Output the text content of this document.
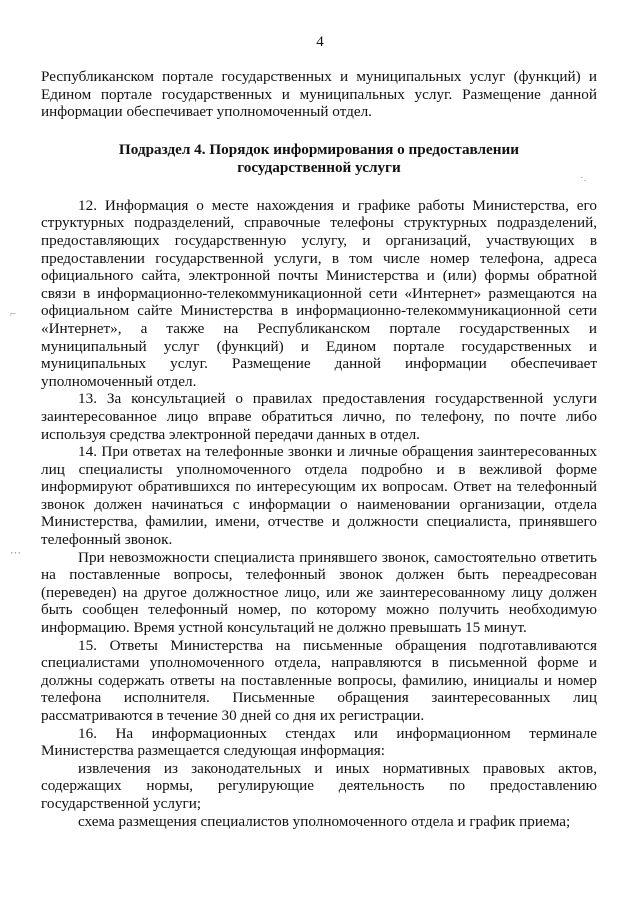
4

Республиканском портале государственных и муниципальных услуг (функций) и Едином портале государственных и муниципальных услуг. Размещение данной информации обеспечивает уполномоченный отдел.

Подраздел 4. Порядок информирования о предоставлении государственной услуги

12. Информация о месте нахождения и графике работы Министерства, его структурных подразделений, справочные телефоны структурных подразделений, предоставляющих государственную услугу, и организаций, участвующих в предоставлении государственной услуги, в том числе номер телефона, адреса официального сайта, электронной почты Министерства и (или) формы обратной связи в информационно-телекоммуникационной сети «Интернет» размещаются на официальном сайте Министерства в информационно-телекоммуникационной сети «Интернет», а также на Республиканском портале государственных и муниципальный услуг (функций) и Едином портале государственных и муниципальных услуг. Размещение данной информации обеспечивает уполномоченный отдел.

13. За консультацией о правилах предоставления государственной услуги заинтересованное лицо вправе обратиться лично, по телефону, по почте либо используя средства электронной передачи данных в отдел.

14. При ответах на телефонные звонки и личные обращения заинтересованных лиц специалисты уполномоченного отдела подробно и в вежливой форме информируют обратившихся по интересующим их вопросам. Ответ на телефонный звонок должен начинаться с информации о наименовании организации, отдела Министерства, фамилии, имени, отчестве и должности специалиста, принявшего телефонный звонок.

При невозможности специалиста принявшего звонок, самостоятельно ответить на поставленные вопросы, телефонный звонок должен быть переадресован (переведен) на другое должностное лицо, или же заинтересованному лицу должен быть сообщен телефонный номер, по которому можно получить необходимую информацию. Время устной консультаций не должно превышать 15 минут.

15. Ответы Министерства на письменные обращения подготавливаются специалистами уполномоченного отдела, направляются в письменной форме и должны содержать ответы на поставленные вопросы, фамилию, инициалы и номер телефона исполнителя. Письменные обращения заинтересованных лиц рассматриваются в течение 30 дней со дня их регистрации.

16. На информационных стендах или информационном терминале Министерства размещается следующая информация:

извлечения из законодательных и иных нормативных правовых актов, содержащих нормы, регулирующие деятельность по предоставлению государственной услуги;

схема размещения специалистов уполномоченного отдела и график приема;

⌐
⋯
·.
